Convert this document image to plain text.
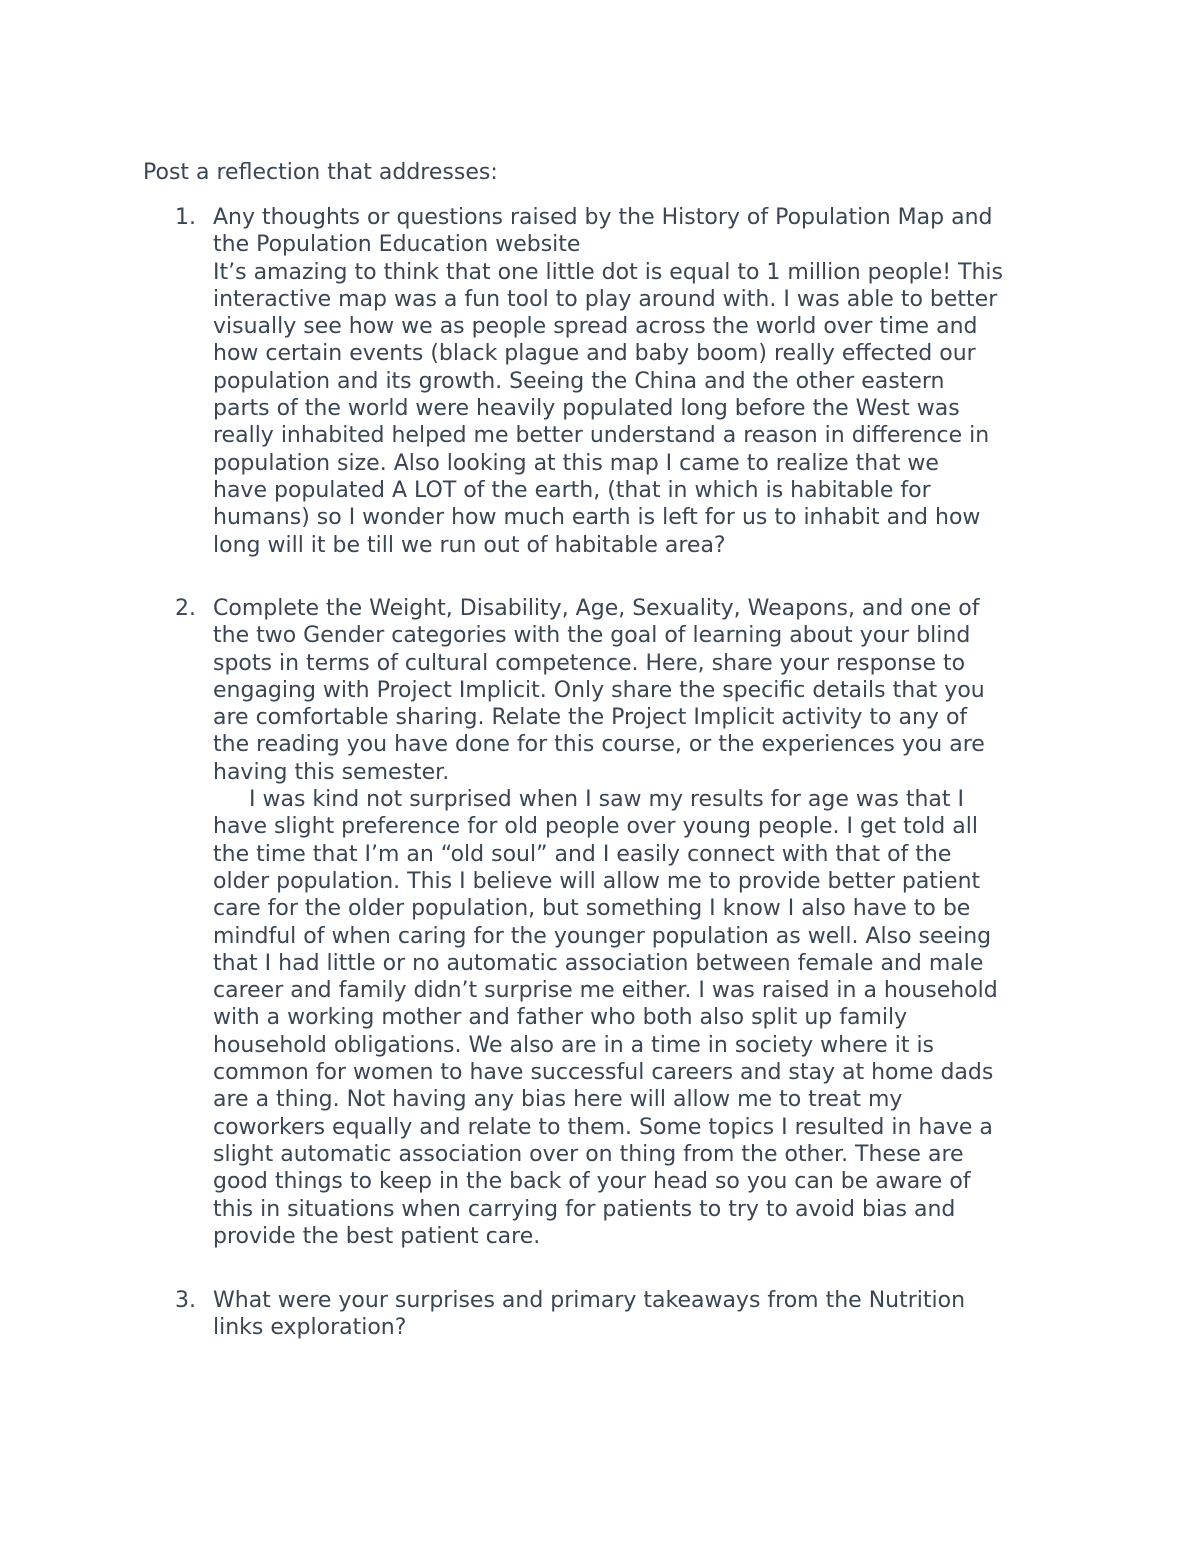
Post a reflection that addresses:

1. Any thoughts or questions raised by the History of Population Map and
the Population Education website

It’s amazing to think that one little dot is equal to 1 million people! This
interactive map was a fun tool to play around with. I was able to better
visually see how we as people spread across the world over time and
how certain events (black plague and baby boom) really effected our
population and its growth. Seeing the China and the other eastern
parts of the world were heavily populated long before the West was
really inhabited helped me better understand a reason in difference in
population size. Also looking at this map I came to realize that we
have populated A LOT of the earth, (that in which is habitable for
humans) so I wonder how much earth is left for us to inhabit and how
long will it be till we run out of habitable area?

2. Complete the Weight, Disability, Age, Sexuality, Weapons, and one of
the two Gender categories with the goal of learning about your blind
spots in terms of cultural competence. Here, share your response to
engaging with Project Implicit. Only share the specific details that you
are comfortable sharing. Relate the Project Implicit activity to any of
the reading you have done for this course, or the experiences you are
having this semester.

I was kind not surprised when I saw my results for age was that I
have slight preference for old people over young people. I get told all
the time that I’m an “old soul” and I easily connect with that of the
older population. This I believe will allow me to provide better patient
care for the older population, but something I know I also have to be
mindful of when caring for the younger population as well. Also seeing
that I had little or no automatic association between female and male
career and family didn’t surprise me either. I was raised in a household
with a working mother and father who both also split up family
household obligations. We also are in a time in society where it is
common for women to have successful careers and stay at home dads
are a thing. Not having any bias here will allow me to treat my
coworkers equally and relate to them. Some topics I resulted in have a
slight automatic association over on thing from the other. These are
good things to keep in the back of your head so you can be aware of
this in situations when carrying for patients to try to avoid bias and
provide the best patient care.

3. What were your surprises and primary takeaways from the Nutrition
links exploration?
